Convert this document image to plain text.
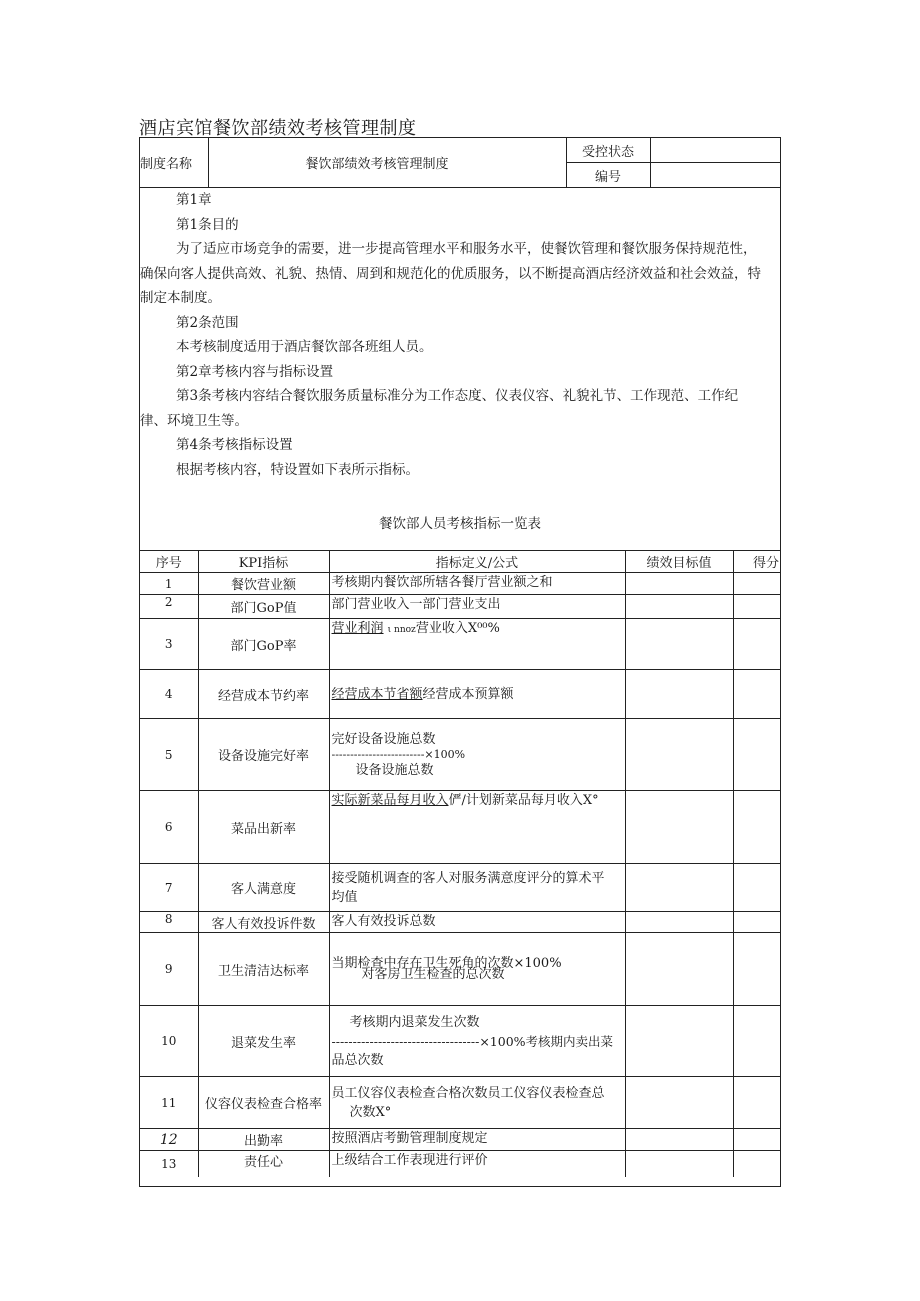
酒店宾馆餐饮部绩效考核管理制度
制度名称	餐饮部绩效考核管理制度	受控状态	
		编号	

第1章

第1条目的

为了适应市场竞争的需要，进一步提高管理水平和服务水平，使餐饮管理和餐饮服务保持规范性，

确保向客人提供高效、礼貌、热情、周到和规范化的优质服务，以不断提高酒店经济效益和社会效益，特

制定本制度。

第2条范围

本考核制度适用于酒店餐饮部各班组人员。

第2章考核内容与指标设置

第3条考核内容结合餐饮服务质量标准分为工作态度、仪表仪容、礼貌礼节、工作现范、工作纪

律、环境卫生等。

第4条考核指标设置

根据考核内容，特设置如下表所示指标。

餐饮部人员考核指标一览表
序号	KPI指标	指标定义/公式	绩效目标值	得分
1	餐饮营业额	考核期内餐饮部所辖各餐厅营业额之和		
2	部门GoP值	部门营业收入一部门营业支出		
3	部门GoP率	营业利润 ι nnoz营业收入X⁰⁰%		
4	经营成本节约率	经营成本节省额经营成本预算额		
5	设备设施完好率	完好设备设施总数
-------------------------×100%
设备设施总数		

6	菜品出新率	实际新菜品每月收入俨/计划新菜品每月收入X°		
7	客人满意度	接受随机调查的客人对服务满意度评分的算术平
均值		

8	客人有效投诉件数	客人有效投诉总数		
9	卫生清洁达标率	当期检查中存在卫生死角的次数×100%
对客房卫生检查的总次数		

10	退菜发生率	考核期内退菜发生次数
-----------------------------------×100%考核期内卖出菜
品总次数		

11	仪容仪表检查合格率	员工仪容仪表检查合格次数员工仪容仪表检查总
次数X°		

12	出勤率	按照酒店考勤管理制度规定		
13	责任心	上级结合工作表现进行评价		
